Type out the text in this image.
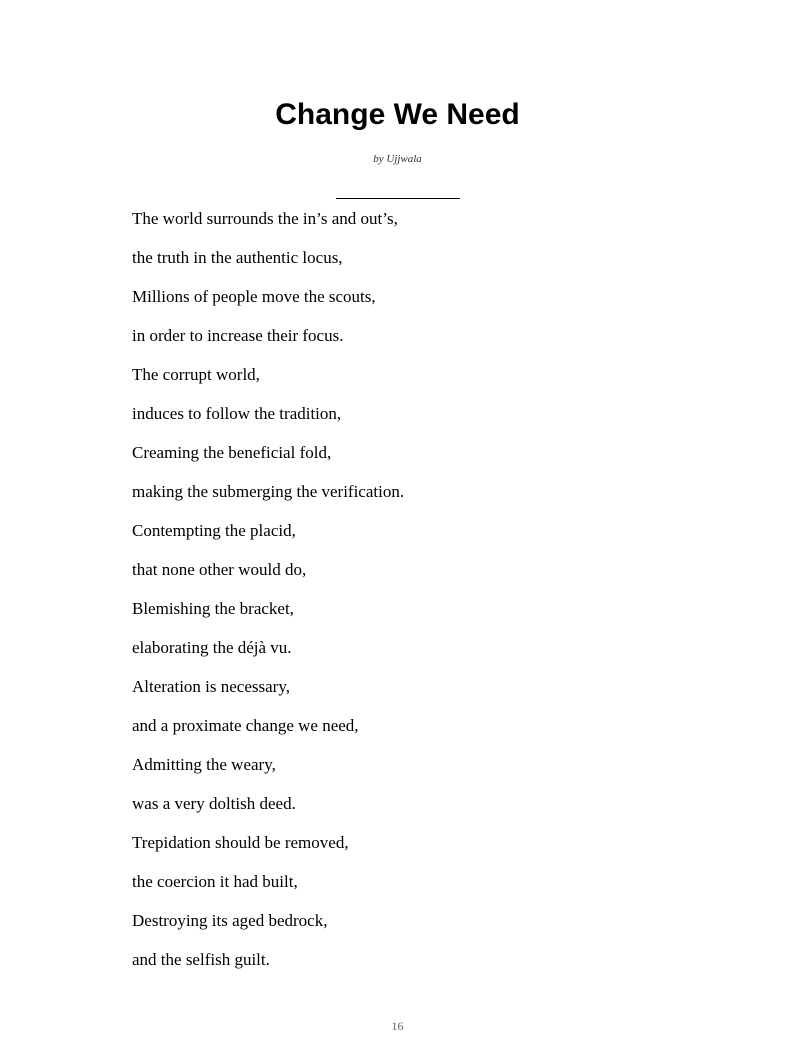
Change We Need
by Ujjwala
The world surrounds the in’s and out’s,
the truth in the authentic locus,
Millions of people move the scouts,
in order to increase their focus.
The corrupt world,
induces to follow the tradition,
Creaming the beneficial fold,
making the submerging the verification.
Contempting the placid,
that none other would do,
Blemishing the bracket,
elaborating the déjà vu.
Alteration is necessary,
and a proximate change we need,
Admitting the weary,
was a very doltish deed.
Trepidation should be removed,
the coercion it had built,
Destroying its aged bedrock,
and the selfish guilt.
16
